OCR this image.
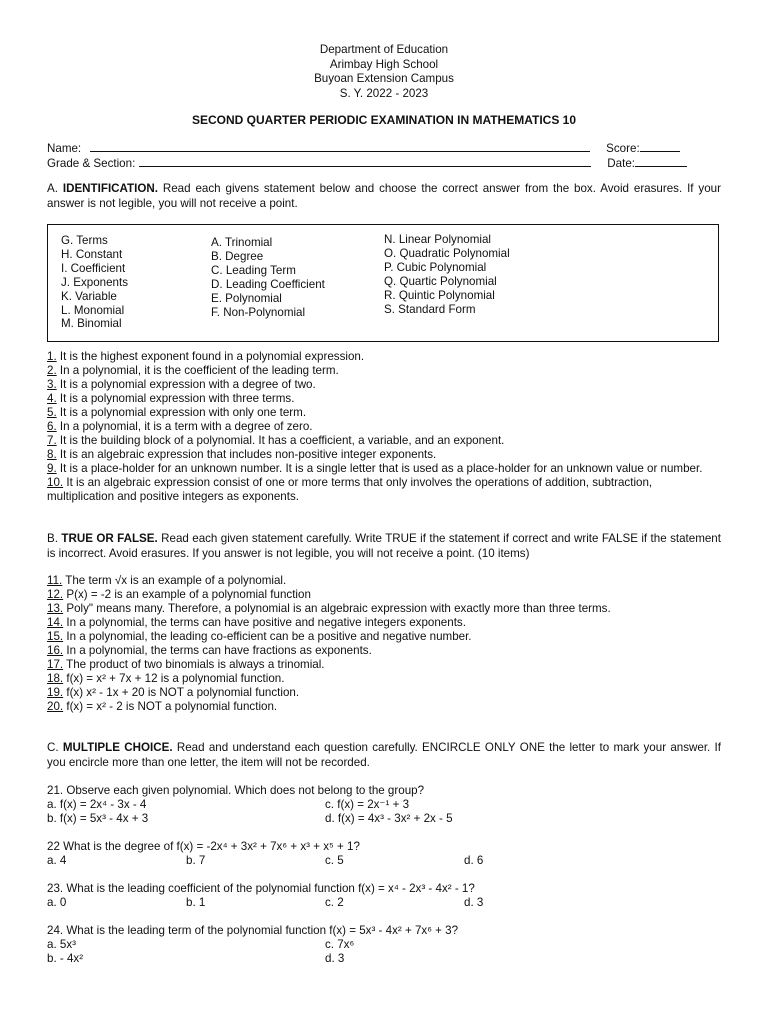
Department of Education
Arimbay High School
Buyoan Extension Campus
S. Y. 2022 - 2023
SECOND QUARTER PERIODIC EXAMINATION IN MATHEMATICS 10
Name:	Score:
Grade & Section:	Date:
A. IDENTIFICATION. Read each givens statement below and choose the correct answer from the box. Avoid erasures. If your answer is not legible, you will not receive a point.
G. Terms
H. Constant
I. Coefficient
J. Exponents
K. Variable
L. Monomial
M. Binomial
A. Trinomial
B. Degree
C. Leading Term
D. Leading Coefficient
E. Polynomial
F. Non-Polynomial
N. Linear Polynomial
O. Quadratic Polynomial
P. Cubic Polynomial
Q. Quartic Polynomial
R. Quintic Polynomial
S. Standard Form
1. It is the highest exponent found in a polynomial expression.
2. In a polynomial, it is the coefficient of the leading term.
3. It is a polynomial expression with a degree of two.
4. It is a polynomial expression with three terms.
5. It is a polynomial expression with only one term.
6. In a polynomial, it is a term with a degree of zero.
7. It is the building block of a polynomial. It has a coefficient, a variable, and an exponent.
8. It is an algebraic expression that includes non-positive integer exponents.
9. It is a place-holder for an unknown number. It is a single letter that is used as a place-holder for an unknown value or number.
10. It is an algebraic expression consist of one or more terms that only involves the operations of addition, subtraction, multiplication and positive integers as exponents.
B. TRUE OR FALSE. Read each given statement carefully. Write TRUE if the statement if correct and write FALSE if the statement is incorrect. Avoid erasures. If you answer is not legible, you will not receive a point. (10 items)
11. The term √x is an example of a polynomial.
12. P(x) = -2 is an example of a polynomial function
13. Poly" means many. Therefore, a polynomial is an algebraic expression with exactly more than three terms.
14. In a polynomial, the terms can have positive and negative integers exponents.
15. In a polynomial, the leading co-efficient can be a positive and negative number.
16. In a polynomial, the terms can have fractions as exponents.
17. The product of two binomials is always a trinomial.
18. f(x) = x² + 7x + 12 is a polynomial function.
19. f(x) x² - 1x + 20 is NOT a polynomial function.
20. f(x) = x² - 2 is NOT a polynomial function.
C. MULTIPLE CHOICE. Read and understand each question carefully. ENCIRCLE ONLY ONE the letter to mark your answer. If you encircle more than one letter, the item will not be recorded.
21. Observe each given polynomial. Which does not belong to the group?
a. f(x) = 2x⁴ - 3x - 4	c. f(x) = 2x⁻¹ + 3
b. f(x) = 5x³ - 4x + 3	d. f(x) = 4x³ - 3x² + 2x - 5
22 What is the degree of f(x) = -2x⁴ + 3x² + 7x⁶ + x³ + x⁵ + 1?
a. 4	b. 7	c. 5	d. 6
23. What is the leading coefficient of the polynomial function f(x) = x⁴ - 2x³ - 4x² - 1?
a. 0	b. 1	c. 2	d. 3
24. What is the leading term of the polynomial function f(x) = 5x³ - 4x² + 7x⁶ + 3?
a. 5x³	c. 7x⁶
b. - 4x²	d. 3
